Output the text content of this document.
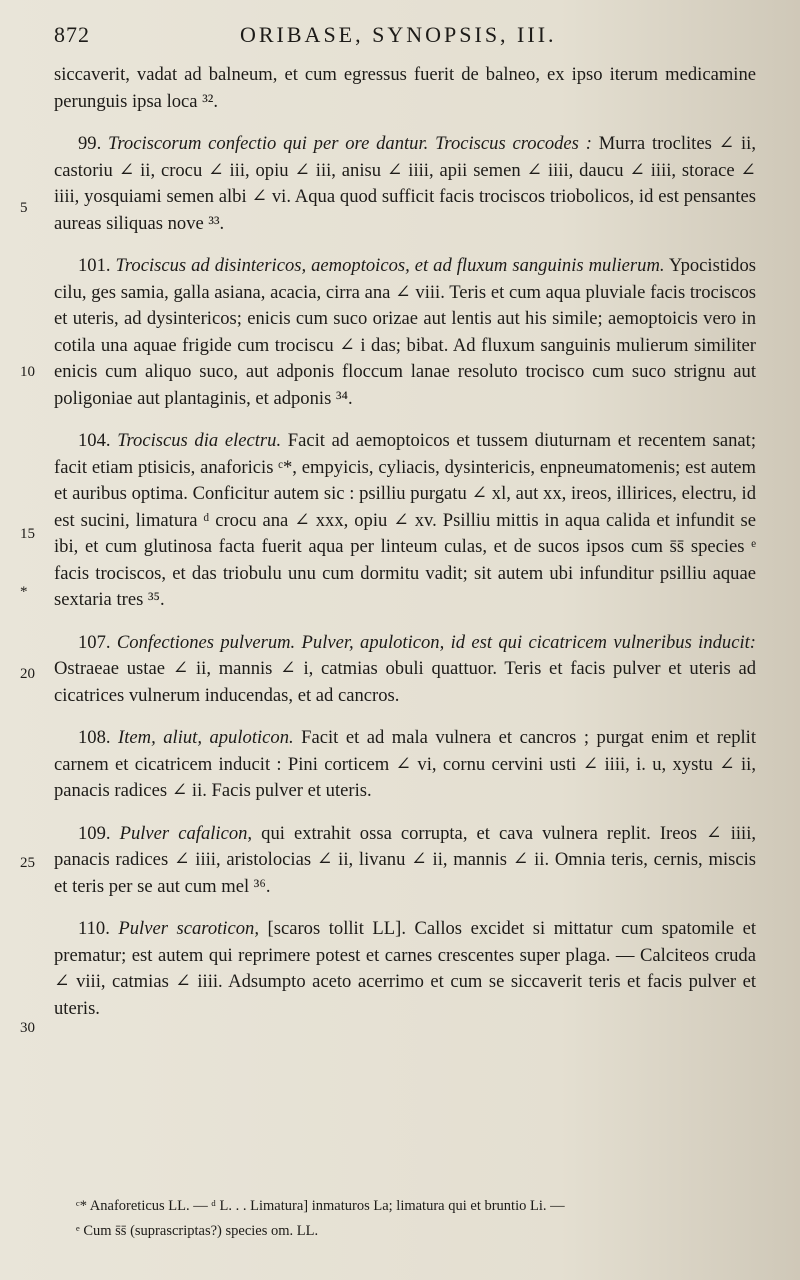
872	ORIBASE, SYNOPSIS, III.
5
10
15
*
20
25
30

siccaverit, vadat ad balneum, et cum egressus fuerit de balneo, ex ipso iterum medicamine perunguis ipsa loca ³².

99. Trociscorum confectio qui per ore dantur. Trociscus crocodes : Murra troclites ∠ ii, castoriu ∠ ii, crocu ∠ iii, opiu ∠ iii, anisu ∠ iiii, apii semen ∠ iiii, daucu ∠ iiii, storace ∠ iiii, yosquiami semen albi ∠ vi. Aqua quod sufficit facis trociscos triobolicos, id est pensantes aureas siliquas nove ³³.

101. Trociscus ad disintericos, aemoptoicos, et ad fluxum sanguinis mulierum. Ypocistidos cilu, ges samia, galla asiana, acacia, cirra ana ∠ viii. Teris et cum aqua pluviale facis trociscos et uteris, ad dysintericos; enicis cum suco orizae aut lentis aut his simile; aemoptoicis vero in cotila una aquae frigide cum trociscu ∠ i das; bibat. Ad fluxum sanguinis mulierum similiter enicis cum aliquo suco, aut adponis floccum lanae resoluto trocisco cum suco strignu aut poligoniae aut plantaginis, et adponis ³⁴.

104. Trociscus dia electru. Facit ad aemoptoicos et tussem diuturnam et recentem sanat; facit etiam ptisicis, anaforicis ᶜ*, empyicis, cyliacis, dysintericis, enpneumatomenis; est autem et auribus optima. Conficitur autem sic : psilliu purgatu ∠ xl, aut xx, ireos, illirices, electru, id est sucini, limatura ᵈ crocu ana ∠ xxx, opiu ∠ xv. Psilliu mittis in aqua calida et infundit se ibi, et cum glutinosa facta fuerit aqua per linteum culas, et de sucos ipsos cum s̄s̄ species ᵉ facis trociscos, et das triobulu unu cum dormitu vadit; sit autem ubi infunditur psilliu aquae sextaria tres ³⁵.

107. Confectiones pulverum. Pulver, apuloticon, id est qui cicatricem vulneribus inducit: Ostraeae ustae ∠ ii, mannis ∠ i, catmias obuli quattuor. Teris et facis pulver et uteris ad cicatrices vulnerum inducendas, et ad cancros.

108. Item, aliut, apuloticon. Facit et ad mala vulnera et cancros ; purgat enim et replit carnem et cicatricem inducit : Pini corticem ∠ vi, cornu cervini usti ∠ iiii, i. u, xystu ∠ ii, panacis radices ∠ ii. Facis pulver et uteris.

109. Pulver cafalicon, qui extrahit ossa corrupta, et cava vulnera replit. Ireos ∠ iiii, panacis radices ∠ iiii, aristolocias ∠ ii, livanu ∠ ii, mannis ∠ ii. Omnia teris, cernis, miscis et teris per se aut cum mel ³⁶.

110. Pulver scaroticon, [scaros tollit LL]. Callos excidet si mittatur cum spatomile et prematur; est autem qui reprimere potest et carnes crescentes super plaga. — Calciteos cruda ∠ viii, catmias ∠ iiii. Adsumpto aceto acerrimo et cum se siccaverit teris et facis pulver et uteris.

ᶜ* Anaforeticus LL. — ᵈ L. . . Limatura] inmaturos La; limatura qui et bruntio Li. —

ᵉ Cum s̄s̄ (suprascriptas?) species om. LL.
